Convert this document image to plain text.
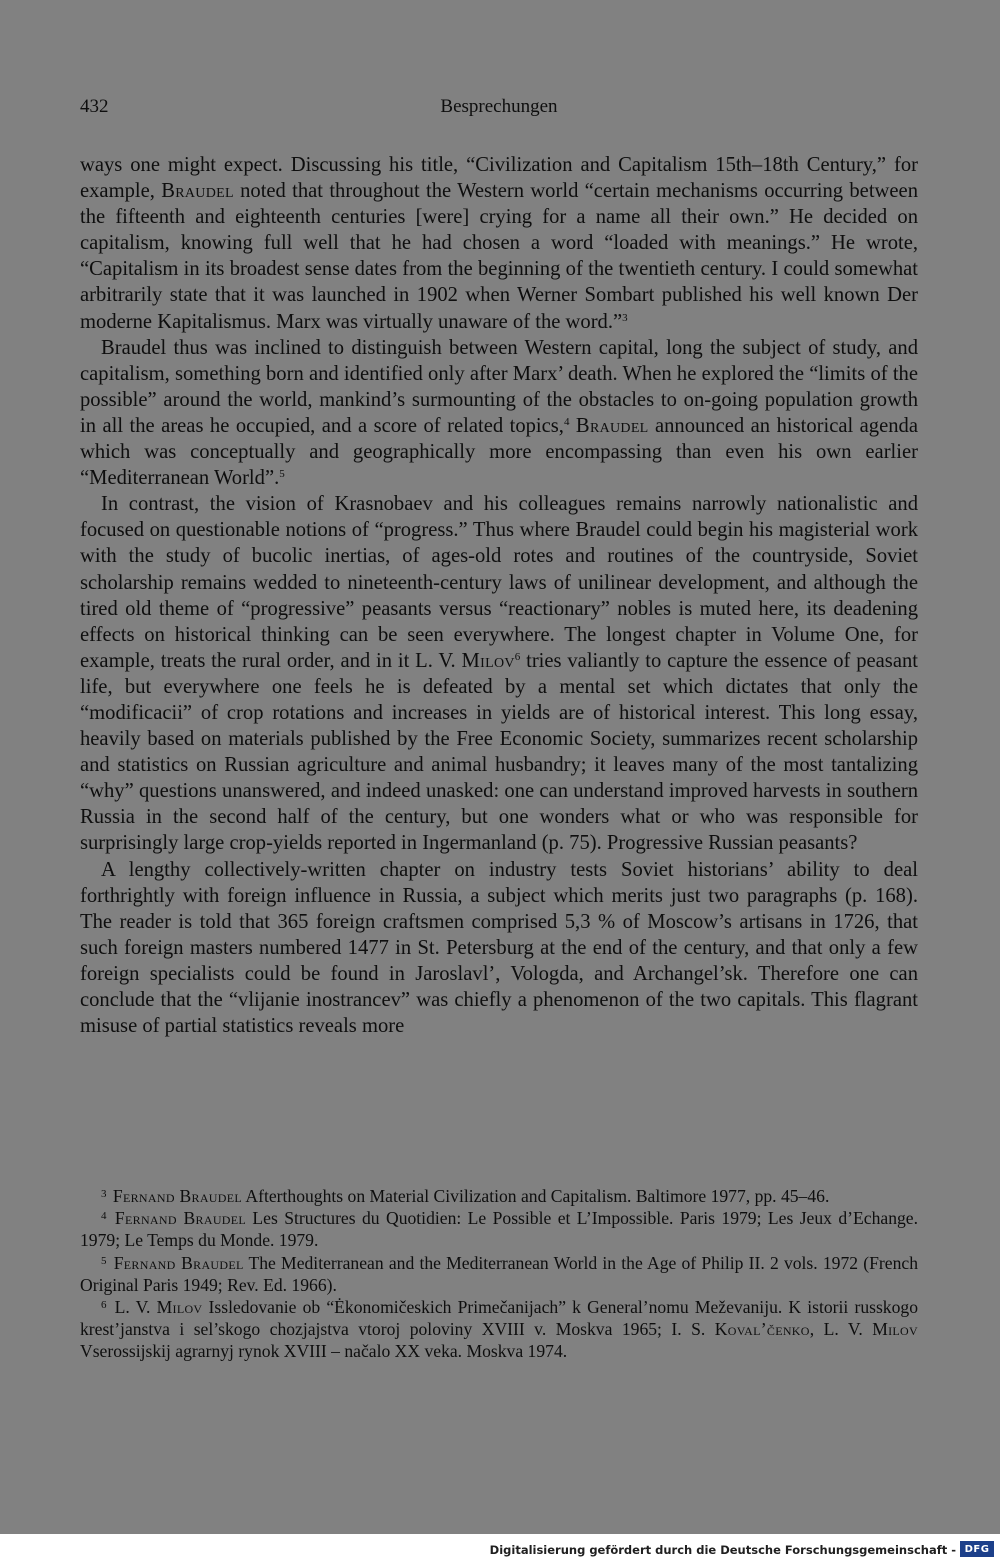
432	Besprechungen

ways one might expect. Discussing his title, “Civilization and Capitalism 15th–18th Century,” for example, Braudel noted that throughout the Western world “certain mechanisms occurring between the fifteenth and eighteenth centuries [were] crying for a name all their own.” He decided on capitalism, knowing full well that he had chosen a word “loaded with meanings.” He wrote, “Capitalism in its broadest sense dates from the beginning of the twentieth century. I could somewhat arbitrarily state that it was launched in 1902 when Werner Sombart published his well known Der moderne Kapitalismus. Marx was virtually unaware of the word.”$^3$

Braudel thus was inclined to distinguish between Western capital, long the subject of study, and capitalism, something born and identified only after Marx’ death. When he explored the “limits of the possible” around the world, mankind’s surmounting of the obstacles to on-going population growth in all the areas he occupied, and a score of related topics,$^4$ Braudel announced an historical agenda which was conceptually and geographically more encompassing than even his own earlier “Mediterranean World”.$^5$

In contrast, the vision of Krasnobaev and his colleagues remains narrowly nationalistic and focused on questionable notions of “progress.” Thus where Braudel could begin his magisterial work with the study of bucolic inertias, of ages-old rotes and routines of the countryside, Soviet scholarship remains wedded to nineteenth-century laws of unilinear development, and although the tired old theme of “progressive” peasants versus “reactionary” nobles is muted here, its deadening effects on historical thinking can be seen everywhere. The longest chapter in Volume One, for example, treats the rural order, and in it L. V. Milov$^6$ tries valiantly to capture the essence of peasant life, but everywhere one feels he is defeated by a mental set which dictates that only the “modificacii” of crop rotations and increases in yields are of historical interest. This long essay, heavily based on materials published by the Free Economic Society, summarizes recent scholarship and statistics on Russian agriculture and animal husbandry; it leaves many of the most tantalizing “why” questions unanswered, and indeed unasked: one can understand improved harvests in southern Russia in the second half of the century, but one wonders what or who was responsible for surprisingly large crop-yields reported in Ingermanland (p. 75). Progressive Russian peasants?

A lengthy collectively-written chapter on industry tests Soviet historians’ ability to deal forthrightly with foreign influence in Russia, a subject which merits just two paragraphs (p. 168). The reader is told that 365 foreign craftsmen comprised 5,3 % of Moscow’s artisans in 1726, that such foreign masters numbered 1477 in St. Petersburg at the end of the century, and that only a few foreign specialists could be found in Jaroslavl’, Vologda, and Archangel’sk. Therefore one can conclude that the “vlijanie inostrancev” was chiefly a phenomenon of the two capitals. This flagrant misuse of partial statistics reveals more

$^3$ Fernand Braudel Afterthoughts on Material Civilization and Capitalism. Baltimore 1977, pp. 45–46.

$^4$ Fernand Braudel Les Structures du Quotidien: Le Possible et L’Impossible. Paris 1979; Les Jeux d’Echange. 1979; Le Temps du Monde. 1979.

$^5$ Fernand Braudel The Mediterranean and the Mediterranean World in the Age of Philip II. 2 vols. 1972 (French Original Paris 1949; Rev. Ed. 1966).

$^6$ L. V. Milov Issledovanie ob “Ėkonomičeskich Primečanijach” k General’nomu Meževaniju. K istorii russkogo krest’janstva i sel’skogo chozjajstva vtoroj poloviny XVIII v. Moskva 1965; I. S. Koval’čenko, L. V. Milov Vserossijskij agrarnyj rynok XVIII – načalo XX veka. Moskva 1974.

Digitalisierung gefördert durch die Deutsche Forschungsgemeinschaft - DFG
